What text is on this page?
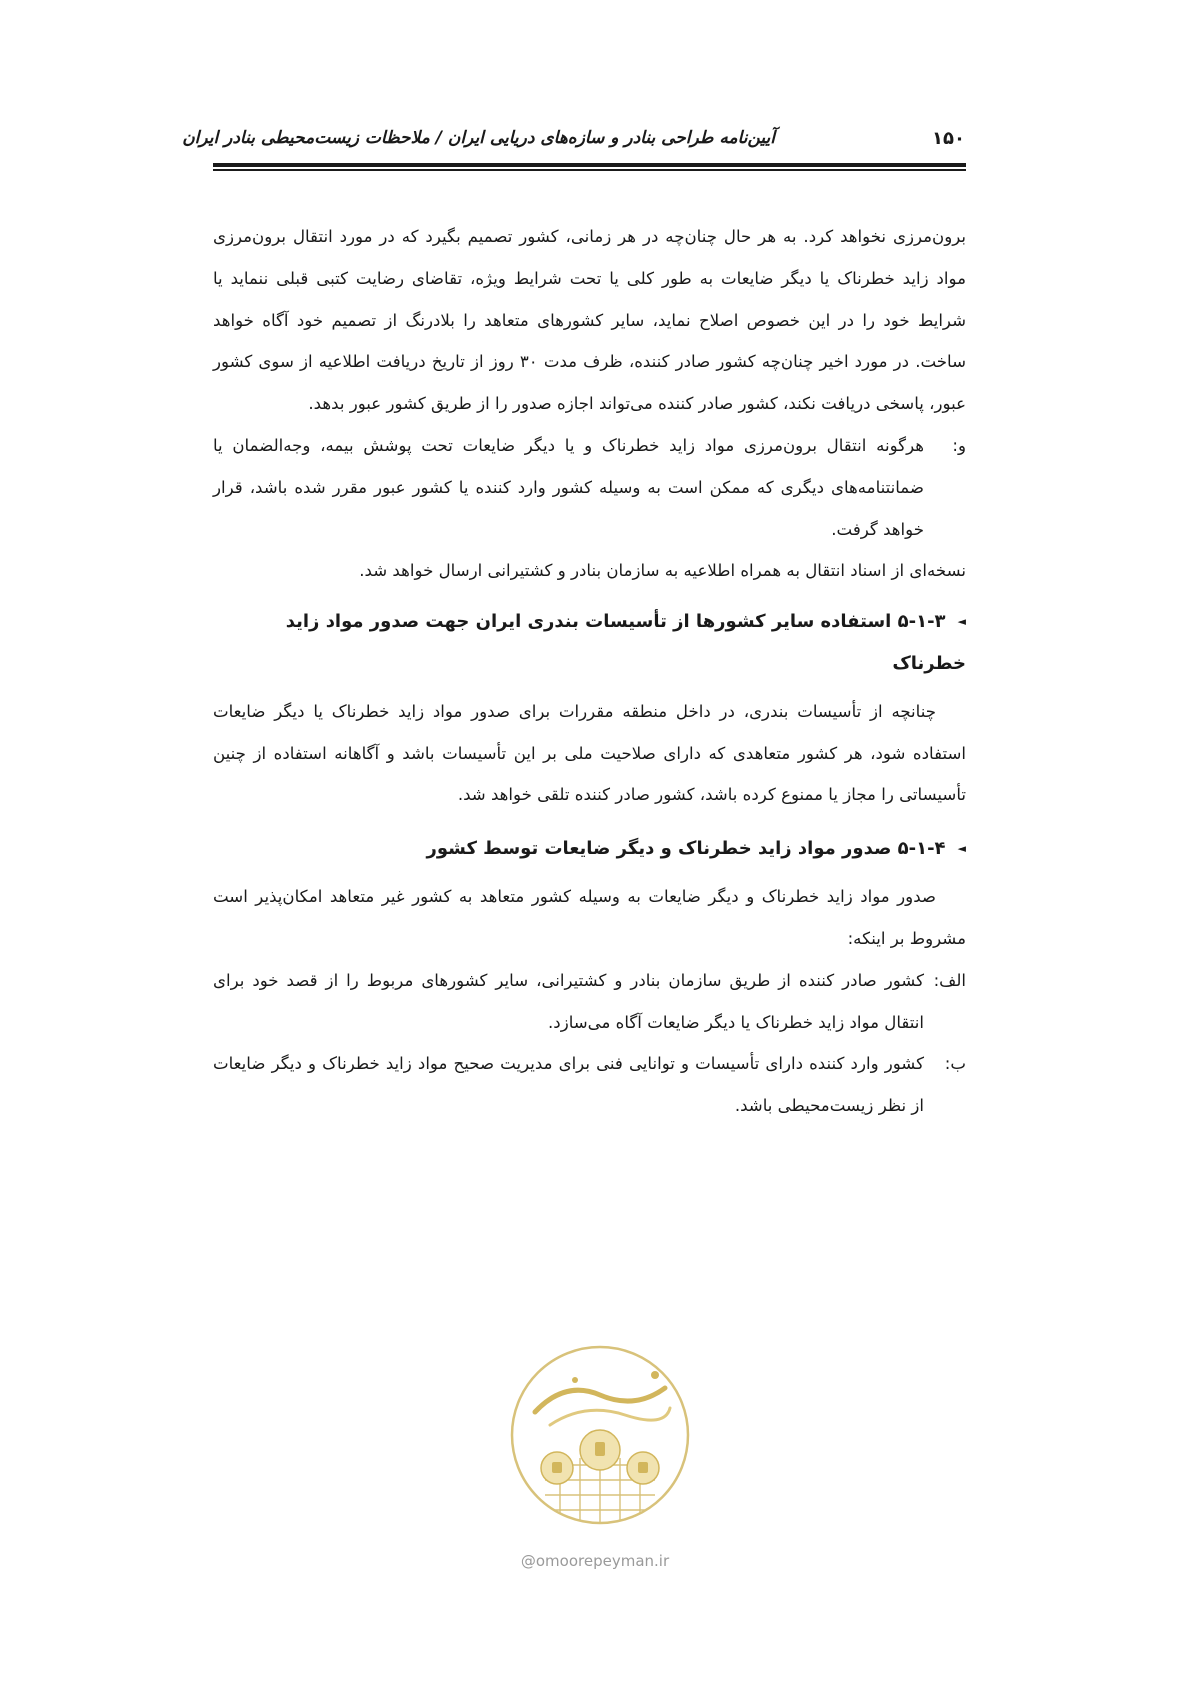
آیین‌نامه طراحی بنادر و سازه‌های دریایی ایران / ملاحظات زیست‌محیطی بنادر ایران	۱۵۰

برون‌مرزی نخواهد کرد. به هر حال چنان‌چه در هر زمانی، کشور تصمیم بگیرد که در مورد انتقال برون‌مرزی مواد زاید خطرناک یا دیگر ضایعات به طور کلی یا تحت شرایط ویژه، تقاضای رضایت کتبی قبلی ننماید یا شرایط خود را در این خصوص اصلاح نماید، سایر کشورهای متعاهد را بلادرنگ از تصمیم خود آگاه خواهد ساخت. در مورد اخیر چنان‌چه کشور صادر کننده، ظرف مدت ۳۰ روز از تاریخ دریافت اطلاعیه از سوی کشور عبور، پاسخی دریافت نکند، کشور صادر کننده می‌تواند اجازه صدور را از طریق کشور عبور بدهد.

و:

هرگونه انتقال برون‌مرزی مواد زاید خطرناک و یا دیگر ضایعات تحت پوشش بیمه، وجه‌الضمان یا ضمانتنامه‌های دیگری که ممکن است به وسیله کشور وارد کننده یا کشور عبور مقرر شده باشد، قرار خواهد گرفت.

نسخه‌ای از اسناد انتقال به همراه اطلاعیه به سازمان بنادر و کشتیرانی ارسال خواهد شد.

◄۵-۱-۳ استفاده سایر کشورها از تأسیسات بندری ایران جهت صدور مواد زاید خطرناک

چنانچه از تأسیسات بندری، در داخل منطقه مقررات برای صدور مواد زاید خطرناک یا دیگر ضایعات استفاده شود، هر کشور متعاهدی که دارای صلاحیت ملی بر این تأسیسات باشد و آگاهانه استفاده از چنین تأسیساتی را مجاز یا ممنوع کرده باشد، کشور صادر کننده تلقی خواهد شد.

◄۵-۱-۴ صدور مواد زاید خطرناک و دیگر ضایعات توسط کشور

صدور مواد زاید خطرناک و دیگر ضایعات به وسیله کشور متعاهد به کشور غیر متعاهد امکان‌پذیر است مشروط بر اینکه:

الف:

کشور صادر کننده از طریق سازمان بنادر و کشتیرانی، سایر کشورهای مربوط را از قصد خود برای انتقال مواد زاید خطرناک یا دیگر ضایعات آگاه می‌سازد.

ب:

کشور وارد کننده دارای تأسیسات و توانایی فنی برای مدیریت صحیح مواد زاید خطرناک و دیگر ضایعات از نظر زیست‌محیطی باشد.

@omoorepeyman.ir
